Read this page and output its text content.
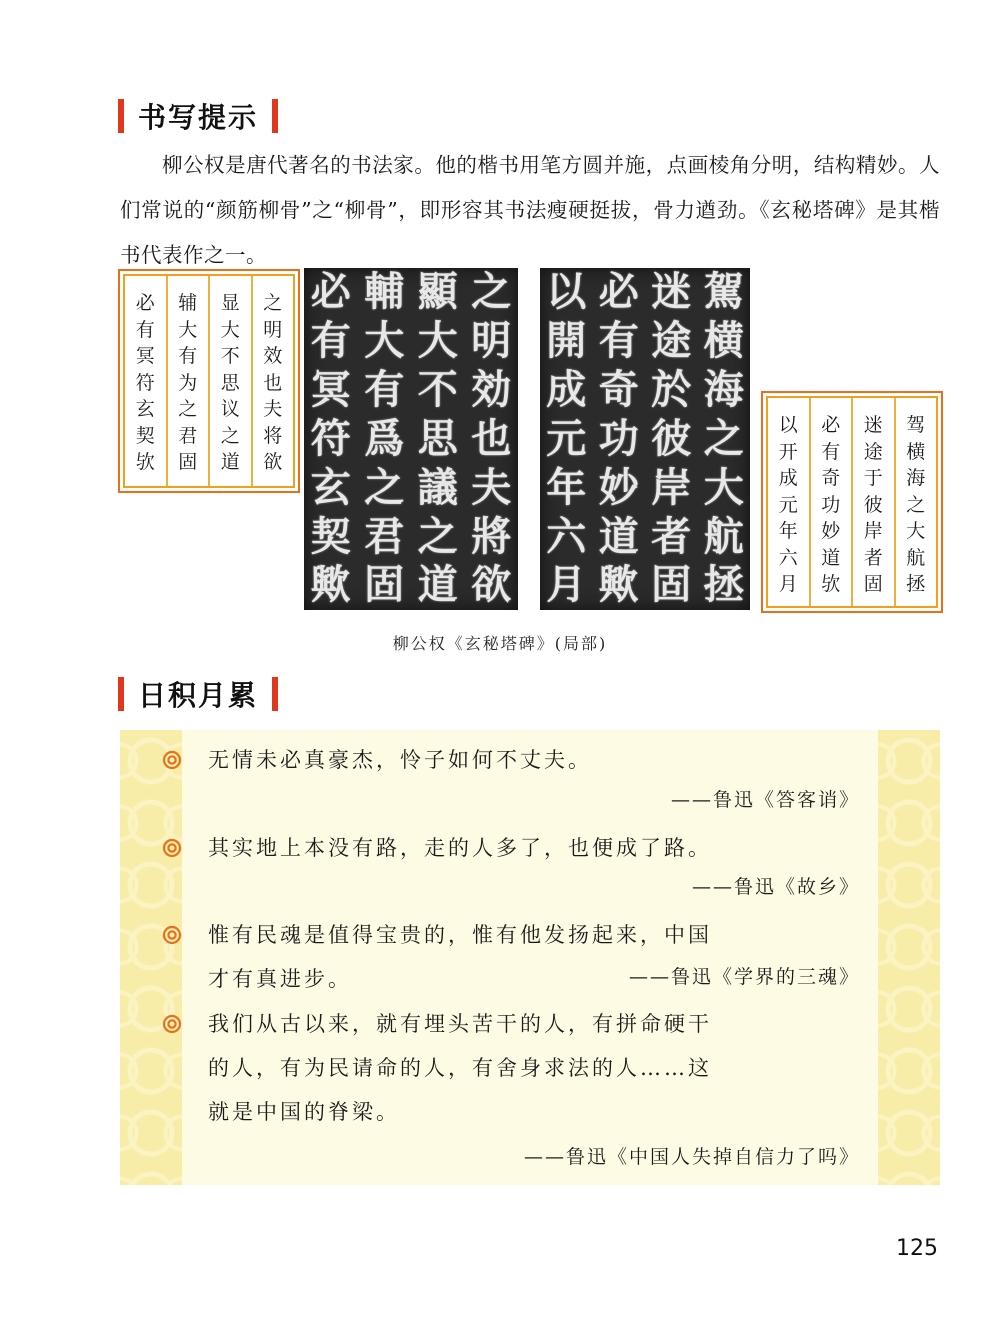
书写提示

柳公权是唐代著名的书法家。他的楷书用笔方圆并施，点画棱角分明，结构精妙。人们常说的“颜筋柳骨”之“柳骨”，即形容其书法瘦硬挺拔，骨力遒劲。《玄秘塔碑》是其楷书代表作之一。

之
明
效
也
夫
将
欲
显
大
不
思
议
之
道
辅
大
有
为
之
君
固
必
有
冥
符
玄
契
欤
之
明
効
也
夫
將
欲
顯
大
不
思
議
之
道
輔
大
有
爲
之
君
固
必
有
冥
符
玄
契
歟
駕
横
海
之
大
航
拯
迷
途
於
彼
岸
者
固
必
有
奇
功
妙
道
歟
以
開
成
元
年
六
月
驾
横
海
之
大
航
拯
迷
途
于
彼
岸
者
固
必
有
奇
功
妙
道
欤
以
开
成
元
年
六
月
柳公权《玄秘塔碑》(局部)
日积月累
无情未必真豪杰，怜子如何不丈夫。
——鲁迅《答客诮》
其实地上本没有路，走的人多了，也便成了路。
——鲁迅《故乡》
惟有民魂是值得宝贵的，惟有他发扬起来，中国
才有真进步。	——鲁迅《学界的三魂》
我们从古以来，就有埋头苦干的人，有拼命硬干
的人，有为民请命的人，有舍身求法的人……这
就是中国的脊梁。
——鲁迅《中国人失掉自信力了吗》
125
